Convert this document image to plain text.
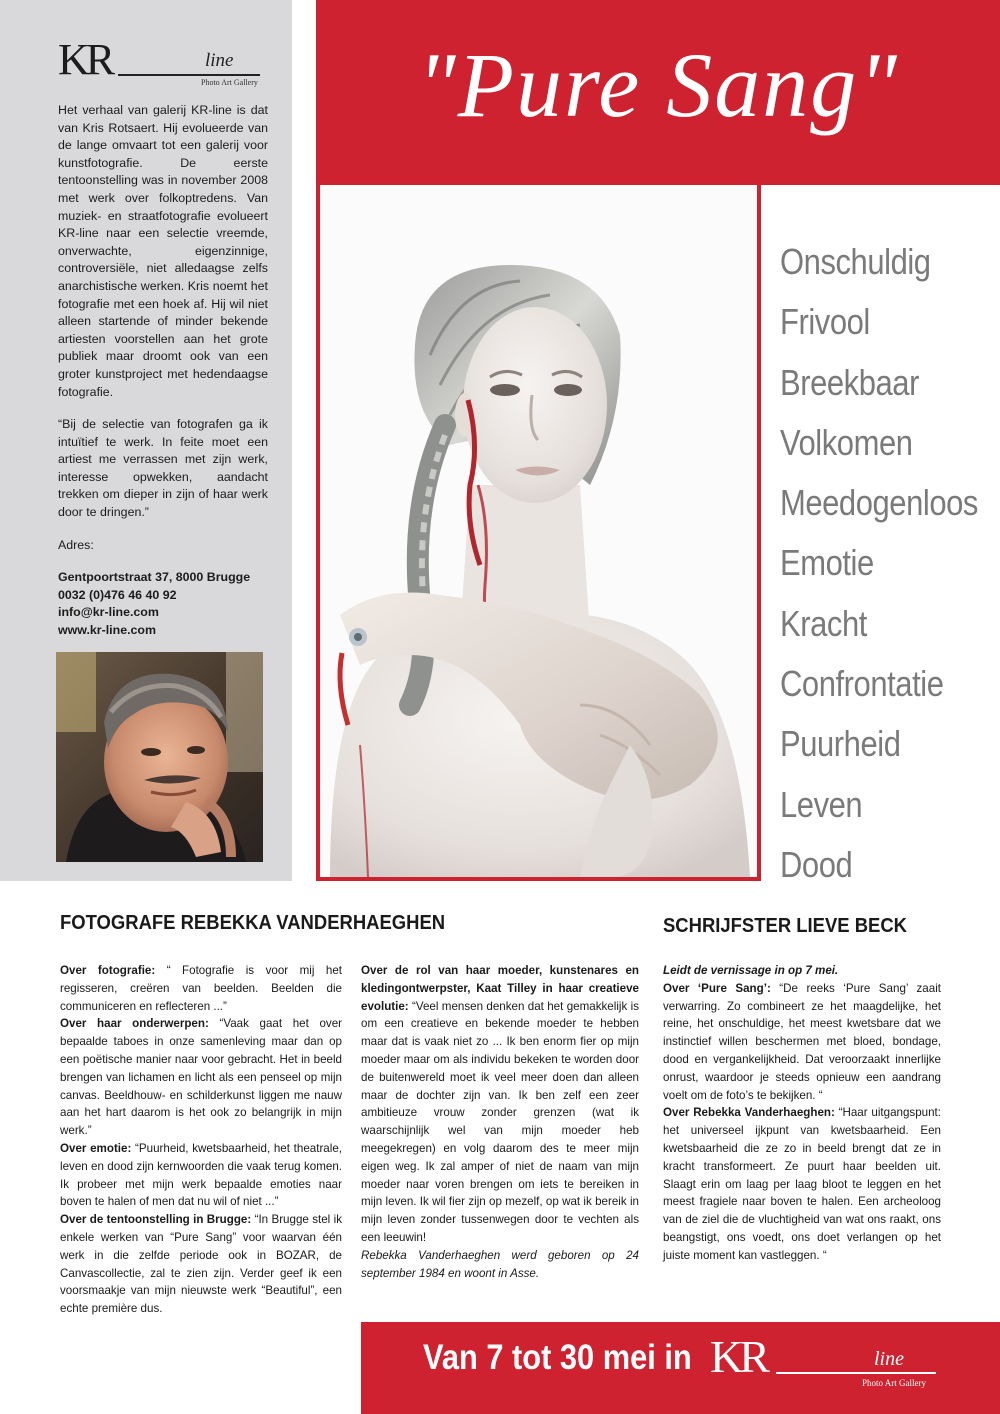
KR	line
Photo Art Gallery

Het verhaal van galerij KR-line is dat van Kris Rotsaert. Hij evolueerde van de lange omvaart tot een galerij voor kunstfotografie. De eerste tentoonstelling was in november 2008 met werk over folkoptredens. Van muziek- en straatfotografie evolueert KR-line naar een selectie vreemde, onverwachte, eigenzinnige, controversiële, niet alledaagse zelfs anarchistische werken. Kris noemt het fotografie met een hoek af. Hij wil niet alleen startende of minder bekende artiesten voorstellen aan het grote publiek maar droomt ook van een groter kunstproject met hedendaagse fotografie.

“Bij de selectie van fotografen ga ik intuïtief te werk. In feite moet een artiest me verrassen met zijn werk, interesse opwekken, aandacht trekken om dieper in zijn of haar werk door te dringen.”

Adres:

Gentpoortstraat 37, 8000 Brugge
0032 (0)476 46 40 92
info@kr-line.com
www.kr-line.com
"Pure Sang"
Onschuldig
Frivool
Breekbaar
Volkomen
Meedogenloos
Emotie
Kracht
Confrontatie
Puurheid
Leven
Dood
FOTOGRAFE REBEKKA VANDERHAEGHEN	SCHRIJFSTER LIEVE BECK

Over fotografie: “ Fotografie is voor mij het regisseren, creëren van beelden. Beelden die communiceren en reflecteren ...”

Over haar onderwerpen: “Vaak gaat het over bepaalde taboes in onze samenleving maar dan op een poëtische manier naar voor gebracht. Het in beeld brengen van lichamen en licht als een penseel op mijn canvas. Beeldhouw- en schilderkunst liggen me nauw aan het hart daarom is het ook zo belangrijk in mijn werk.”

Over emotie: “Puurheid, kwetsbaarheid, het theatrale, leven en dood zijn kernwoorden die vaak terug komen. Ik probeer met mijn werk bepaalde emoties naar boven te halen of men dat nu wil of niet ...”

Over de tentoonstelling in Brugge: “In Brugge stel ik enkele werken van “Pure Sang” voor waarvan één werk in die zelfde periode ook in BOZAR, de Canvascollectie, zal te zien zijn. Verder geef ik een voorsmaakje van mijn nieuwste werk “Beautiful”, een echte première dus.

Over de rol van haar moeder, kunstenares en kledingontwerpster, Kaat Tilley in haar creatieve evolutie: “Veel mensen denken dat het gemakkelijk is om een creatieve en bekende moeder te hebben maar dat is vaak niet zo ... Ik ben enorm fier op mijn moeder maar om als individu bekeken te worden door de buitenwereld moet ik veel meer doen dan alleen maar de dochter zijn van. Ik ben zelf een zeer ambitieuze vrouw zonder grenzen (wat ik waarschijnlijk wel van mijn moeder heb meegekregen) en volg daarom des te meer mijn eigen weg. Ik zal amper of niet de naam van mijn moeder naar voren brengen om iets te bereiken in mijn leven. Ik wil fier zijn op mezelf, op wat ik bereik in mijn leven zonder tussenwegen door te vechten als een leeuwin!

Rebekka Vanderhaeghen werd geboren op 24 september 1984 en woont in Asse.

Leidt de vernissage in op 7 mei.

Over ‘Pure Sang’: “De reeks ‘Pure Sang’ zaait verwarring. Zo combineert ze het maagdelijke, het reine, het onschuldige, het meest kwetsbare dat we instinctief willen beschermen met bloed, bondage, dood en vergankelijkheid. Dat veroorzaakt innerlijke onrust, waardoor je steeds opnieuw een aandrang voelt om de foto’s te bekijken. “

Over Rebekka Vanderhaeghen: “Haar uitgangspunt: het universeel ijkpunt van kwetsbaarheid. Een kwetsbaarheid die ze zo in beeld brengt dat ze in kracht transformeert. Ze puurt haar beelden uit. Slaagt erin om laag per laag bloot te leggen en het meest fragiele naar boven te halen. Een archeoloog van de ziel die de vluchtigheid van wat ons raakt, ons beangstigt, ons voedt, ons doet verlangen op het juiste moment kan vastleggen. “

Van 7 tot 30 mei in KR	line
Photo Art Gallery
